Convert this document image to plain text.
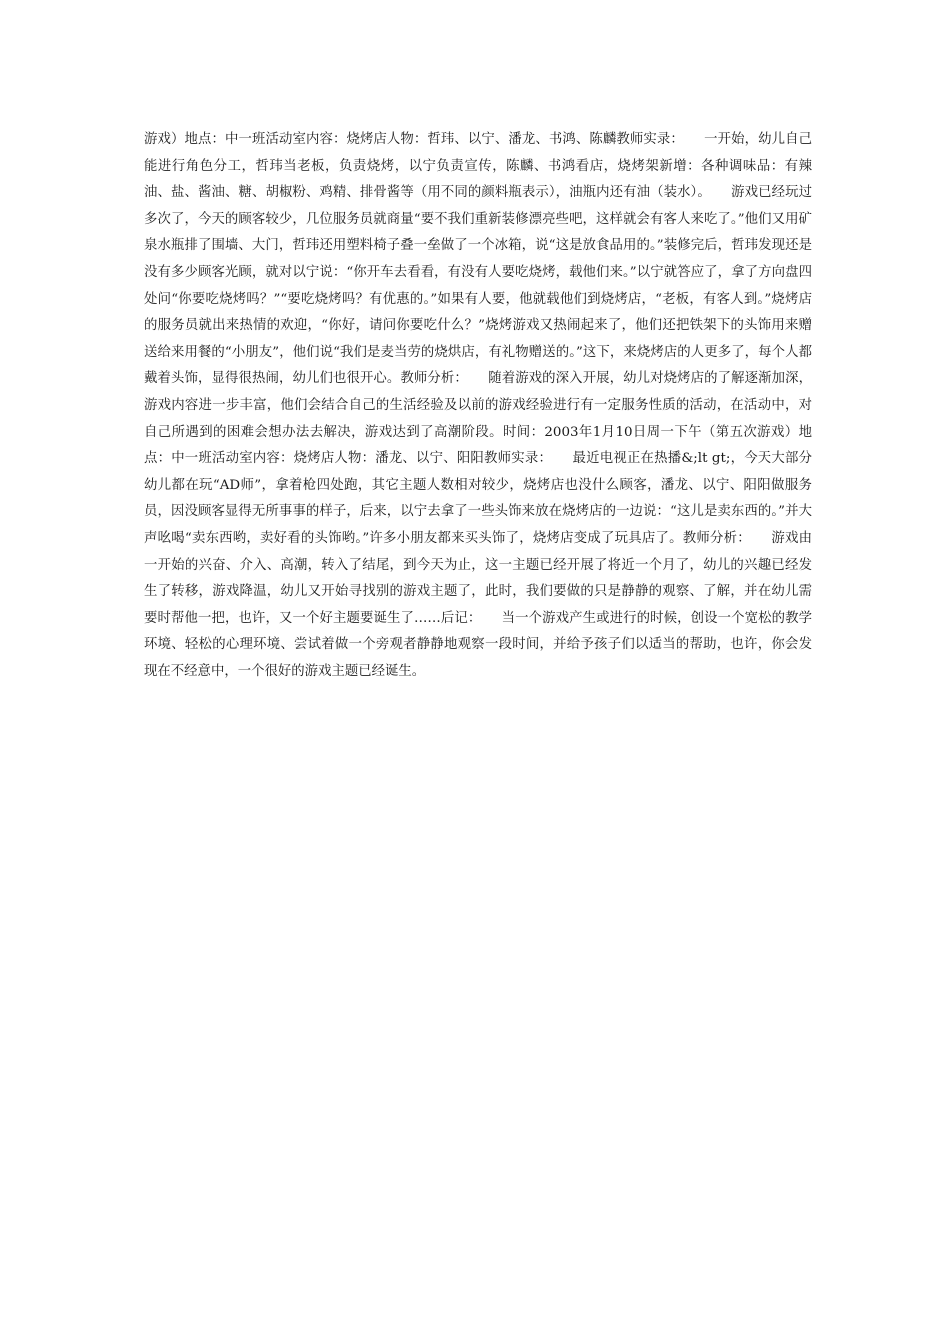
游戏）地点：中一班活动室内容：烧烤店人物：哲玮、以宁、潘龙、书鸿、陈麟教师实录：　　一开始，幼儿自己能进行角色分工，哲玮当老板，负责烧烤，以宁负责宣传，陈麟、书鸿看店，烧烤架新增：各种调味品：有辣油、盐、酱油、糖、胡椒粉、鸡精、排骨酱等（用不同的颜料瓶表示），油瓶内还有油（装水）。　　游戏已经玩过多次了，今天的顾客较少，几位服务员就商量“要不我们重新装修漂亮些吧，这样就会有客人来吃了。”他们又用矿泉水瓶排了围墙、大门，哲玮还用塑料椅子叠一垒做了一个冰箱，说“这是放食品用的。”装修完后，哲玮发现还是没有多少顾客光顾，就对以宁说：“你开车去看看，有没有人要吃烧烤，载他们来。”以宁就答应了，拿了方向盘四处问“你要吃烧烤吗？”“要吃烧烤吗？有优惠的。”如果有人要，他就载他们到烧烤店，“老板，有客人到。”烧烤店的服务员就出来热情的欢迎，“你好，请问你要吃什么？”烧烤游戏又热闹起来了，他们还把铁架下的头饰用来赠送给来用餐的“小朋友”，他们说“我们是麦当劳的烧烘店，有礼物赠送的。”这下，来烧烤店的人更多了，每个人都戴着头饰，显得很热闹，幼儿们也很开心。教师分析：　　随着游戏的深入开展，幼儿对烧烤店的了解逐渐加深，游戏内容进一步丰富，他们会结合自己的生活经验及以前的游戏经验进行有一定服务性质的活动，在活动中，对自己所遇到的困难会想办法去解决，游戏达到了高潮阶段。时间：2003年1月10日周一下午（第五次游戏）地点：中一班活动室内容：烧烤店人物：潘龙、以宁、阳阳教师实录：　　最近电视正在热播&;lt gt;，今天大部分幼儿都在玩“AD师”，拿着枪四处跑，其它主题人数相对较少，烧烤店也没什么顾客，潘龙、以宁、阳阳做服务员，因没顾客显得无所事事的样子，后来，以宁去拿了一些头饰来放在烧烤店的一边说：“这儿是卖东西的。”并大声吆喝“卖东西哟，卖好看的头饰哟。”许多小朋友都来买头饰了，烧烤店变成了玩具店了。教师分析：　　游戏由一开始的兴奋、介入、高潮，转入了结尾，到今天为止，这一主题已经开展了将近一个月了，幼儿的兴趣已经发生了转移，游戏降温，幼儿又开始寻找别的游戏主题了，此时，我们要做的只是静静的观察、了解，并在幼儿需要时帮他一把，也许，又一个好主题要诞生了……后记：　　当一个游戏产生或进行的时候，创设一个宽松的教学环境、轻松的心理环境、尝试着做一个旁观者静静地观察一段时间，并给予孩子们以适当的帮助，也许，你会发现在不经意中，一个很好的游戏主题已经诞生。
